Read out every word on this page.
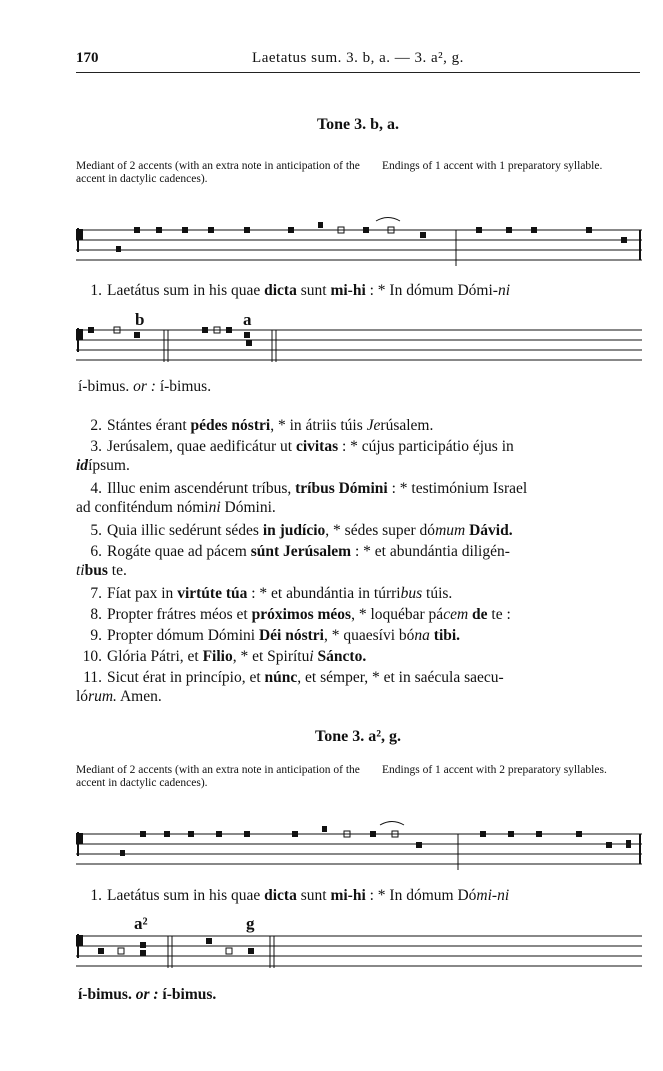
170	Laetatus sum. 3. b, a. — 3. a², g.
Tone 3. b, a.
Mediant of 2 accents (with an extra note in anticipation of the accent in dactylic cadences).
Endings of 1 accent with 1 preparatory syllable.
1. Laetátus sum in his quae dicta sunt mi-hi : * In dómum Dómi-ni
b	a
í-bimus. or : í-bimus.
2. Stántes érant pédes nóstri, * in átriis túis Jerúsalem.
3. Jerúsalem, quae aedificátur ut civitas : * cújus participátio éjus in
idípsum.
4. Illuc enim ascendérunt tríbus, tríbus Dómini : * testimónium Israel
ad confiténdum nómini Dómini.
5. Quia illic sedérunt sédes in judício, * sédes super dómum Dávid.
6. Rogáte quae ad pácem súnt Jerúsalem : * et abundántia diligén-
tibus te.
7. Fíat pax in virtúte túa : * et abundántia in túrribus túis.
8. Propter frátres méos et próximos méos, * loquébar pácem de te :
9. Propter dómum Dómini Déi nóstri, * quaesívi bóna tibi.
10. Glória Pátri, et Filio, * et Spirítui Sáncto.
11. Sicut érat in princípio, et núnc, et sémper, * et in saécula saecu-
lórum. Amen.
Tone 3. a², g.
Mediant of 2 accents (with an extra note in anticipation of the accent in dactylic cadences).
Endings of 1 accent with 2 preparatory syllables.
1. Laetátus sum in his quae dicta sunt mi-hi : * In dómum Dómi-ni
a²	g
í-bimus. or : í-bimus.
